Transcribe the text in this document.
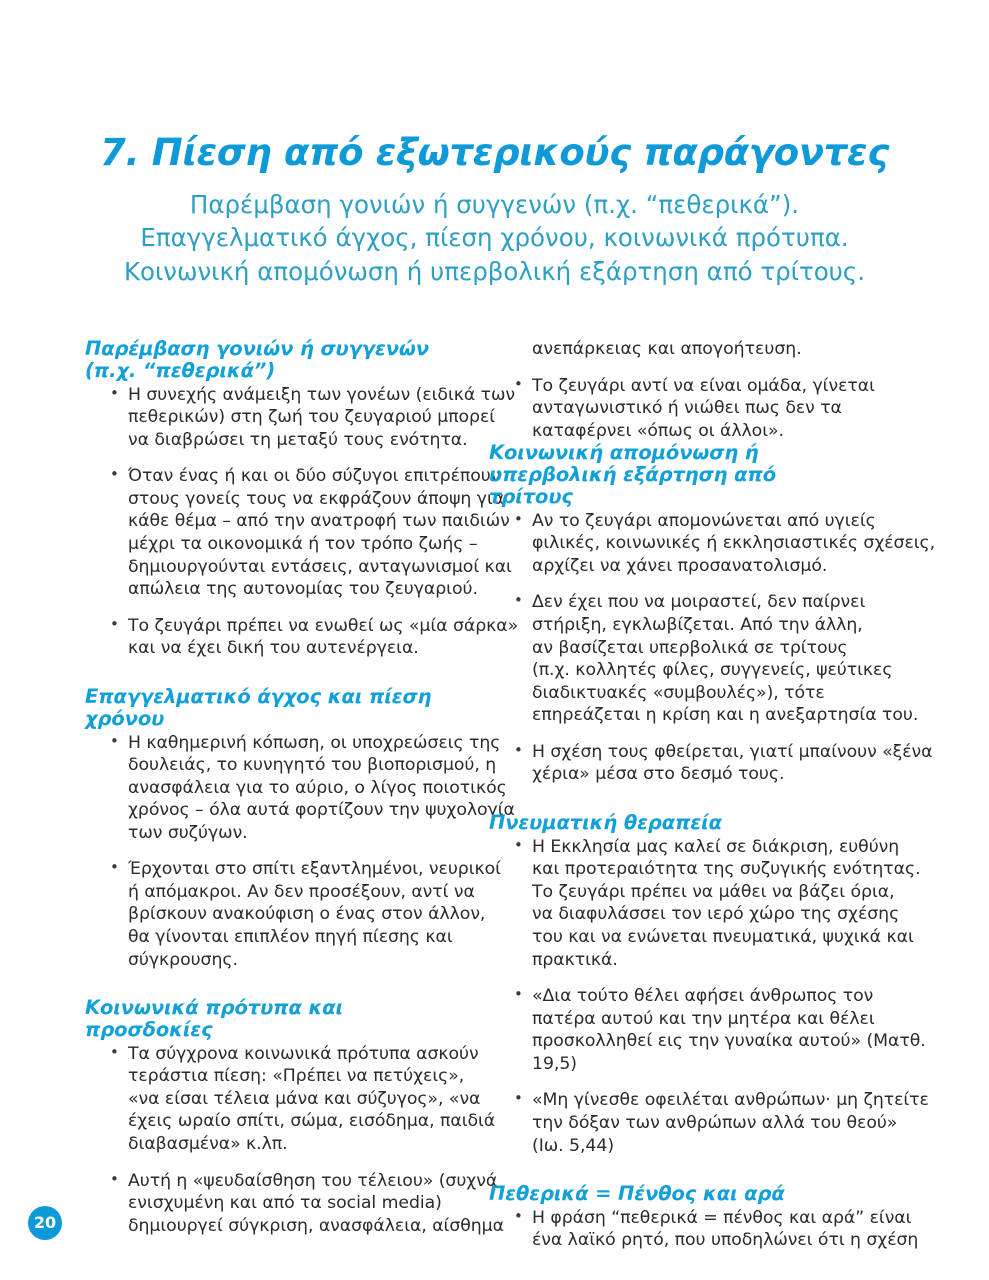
7. Πίεση από εξωτερικούς παράγοντες
Παρέμβαση γονιών ή συγγενών (π.χ. “πεθερικά”).
Επαγγελματικό άγχος, πίεση χρόνου, κοινωνικά πρότυπα.
Κοινωνική απομόνωση ή υπερβολική εξάρτηση από τρίτους.
Παρέμβαση γονιών ή συγγενών
(π.χ. “πεθερικά”)
• Η συνεχής ανάμειξη των γονέων (ειδικά των
πεθερικών) στη ζωή του ζευγαριού μπορεί
να διαβρώσει τη μεταξύ τους ενότητα.
• Όταν ένας ή και οι δύο σύζυγοι επιτρέπουν
στους γονείς τους να εκφράζουν άποψη για
κάθε θέμα – από την ανατροφή των παιδιών
μέχρι τα οικονομικά ή τον τρόπο ζωής –
δημιουργούνται εντάσεις, ανταγωνισμοί και
απώλεια της αυτονομίας του ζευγαριού.
• Το ζευγάρι πρέπει να ενωθεί ως «μία σάρκα»
και να έχει δική του αυτενέργεια.
Επαγγελματικό άγχος και πίεση
χρόνου
• Η καθημερινή κόπωση, οι υποχρεώσεις της
δουλειάς, το κυνηγητό του βιοπορισμού, η
ανασφάλεια για το αύριο, ο λίγος ποιοτικός
χρόνος – όλα αυτά φορτίζουν την ψυχολογία
των συζύγων.
• Έρχονται στο σπίτι εξαντλημένοι, νευρικοί
ή απόμακροι. Αν δεν προσέξουν, αντί να
βρίσκουν ανακούφιση ο ένας στον άλλον,
θα γίνονται επιπλέον πηγή πίεσης και
σύγκρουσης.
Κοινωνικά πρότυπα και
προσδοκίες
• Τα σύγχρονα κοινωνικά πρότυπα ασκούν
τεράστια πίεση: «Πρέπει να πετύχεις»,
«να είσαι τέλεια μάνα και σύζυγος», «να
έχεις ωραίο σπίτι, σώμα, εισόδημα, παιδιά
διαβασμένα» κ.λπ.
• Αυτή η «ψευδαίσθηση του τέλειου» (συχνά
ενισχυμένη και από τα social media)
δημιουργεί σύγκριση, ανασφάλεια, αίσθημα

ανεπάρκειας και απογοήτευση.

• Το ζευγάρι αντί να είναι ομάδα, γίνεται
ανταγωνιστικό ή νιώθει πως δεν τα
καταφέρνει «όπως οι άλλοι».
Κοινωνική απομόνωση ή
υπερβολική εξάρτηση από τρίτους
• Αν το ζευγάρι απομονώνεται από υγιείς
φιλικές, κοινωνικές ή εκκλησιαστικές σχέσεις,
αρχίζει να χάνει προσανατολισμό.
• Δεν έχει που να μοιραστεί, δεν παίρνει
στήριξη, εγκλωβίζεται. Από την άλλη,
αν βασίζεται υπερβολικά σε τρίτους
(π.χ. κολλητές φίλες, συγγενείς, ψεύτικες
διαδικτυακές «συμβουλές»), τότε
επηρεάζεται η κρίση και η ανεξαρτησία του.
• Η σχέση τους φθείρεται, γιατί μπαίνουν «ξένα
χέρια» μέσα στο δεσμό τους.
Πνευματική θεραπεία
• Η Εκκλησία μας καλεί σε διάκριση, ευθύνη
και προτεραιότητα της συζυγικής ενότητας.
Το ζευγάρι πρέπει να μάθει να βάζει όρια,
να διαφυλάσσει τον ιερό χώρο της σχέσης
του και να ενώνεται πνευματικά, ψυχικά και
πρακτικά.
• «Δια τούτο θέλει αφήσει άνθρωπος τον
πατέρα αυτού και την μητέρα και θέλει
προσκολληθεί εις την γυναίκα αυτού» (Ματθ.
19,5)
• «Μη γίνεσθε οφειλέται ανθρώπων· μη ζητείτε
την δόξαν των ανθρώπων αλλά του θεού»
(Ιω. 5,44)
Πεθερικά = Πένθος και αρά
• Η φράση “πεθερικά = πένθος και αρά” είναι
ένα λαϊκό ρητό, που υποδηλώνει ότι η σχέση
20
